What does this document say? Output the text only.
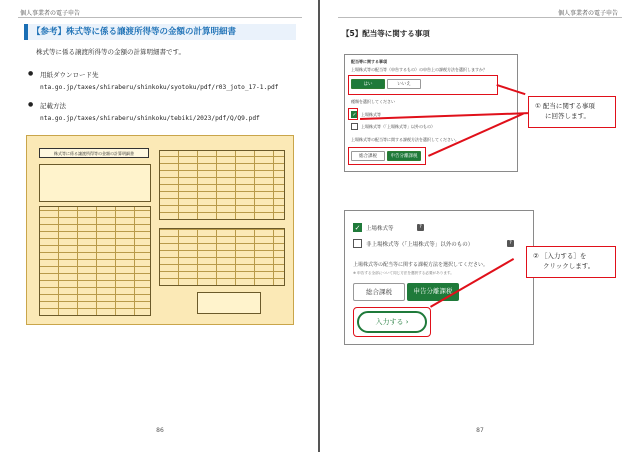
個人事業者の電子申告
【参考】株式等に係る譲渡所得等の金額の計算明細書
株式等に係る譲渡所得等の金額の計算明細書です。
● 用紙ダウンロード先
nta.go.jp/taxes/shiraberu/shinkoku/syotoku/pdf/r03_joto_17-1.pdf
● 記載方法
nta.go.jp/taxes/shiraberu/shinkoku/tebiki/2023/pdf/Q/Q9.pdf
株式等に係る譲渡所得等の金額の計算明細書
86
個人事業者の電子申告
【5】配当等に関する事項
配当等に関する事項
上場株式等の配当等（申告するもの）の申告上の課税方法を選択しますか？
はい	いいえ
種類を選択してください
✓	上場株式等
上場株式等（「上場株式等」以外のもの）
上場株式等の配当等に関する課税方法を選択してください。
総合課税	申告分離課税
① 配当に関する事項
に回答します。
✓ 上場株式等	?
非上場株式等（「上場株式等」以外のもの）	?
上場株式等の配当等に関する課税方法を選択してください。
※ 申告する全部について同じ方法を選択する必要があります。
総合課税	申告分離課税
入力する ›
② ［入力する］を
クリックします。
87
